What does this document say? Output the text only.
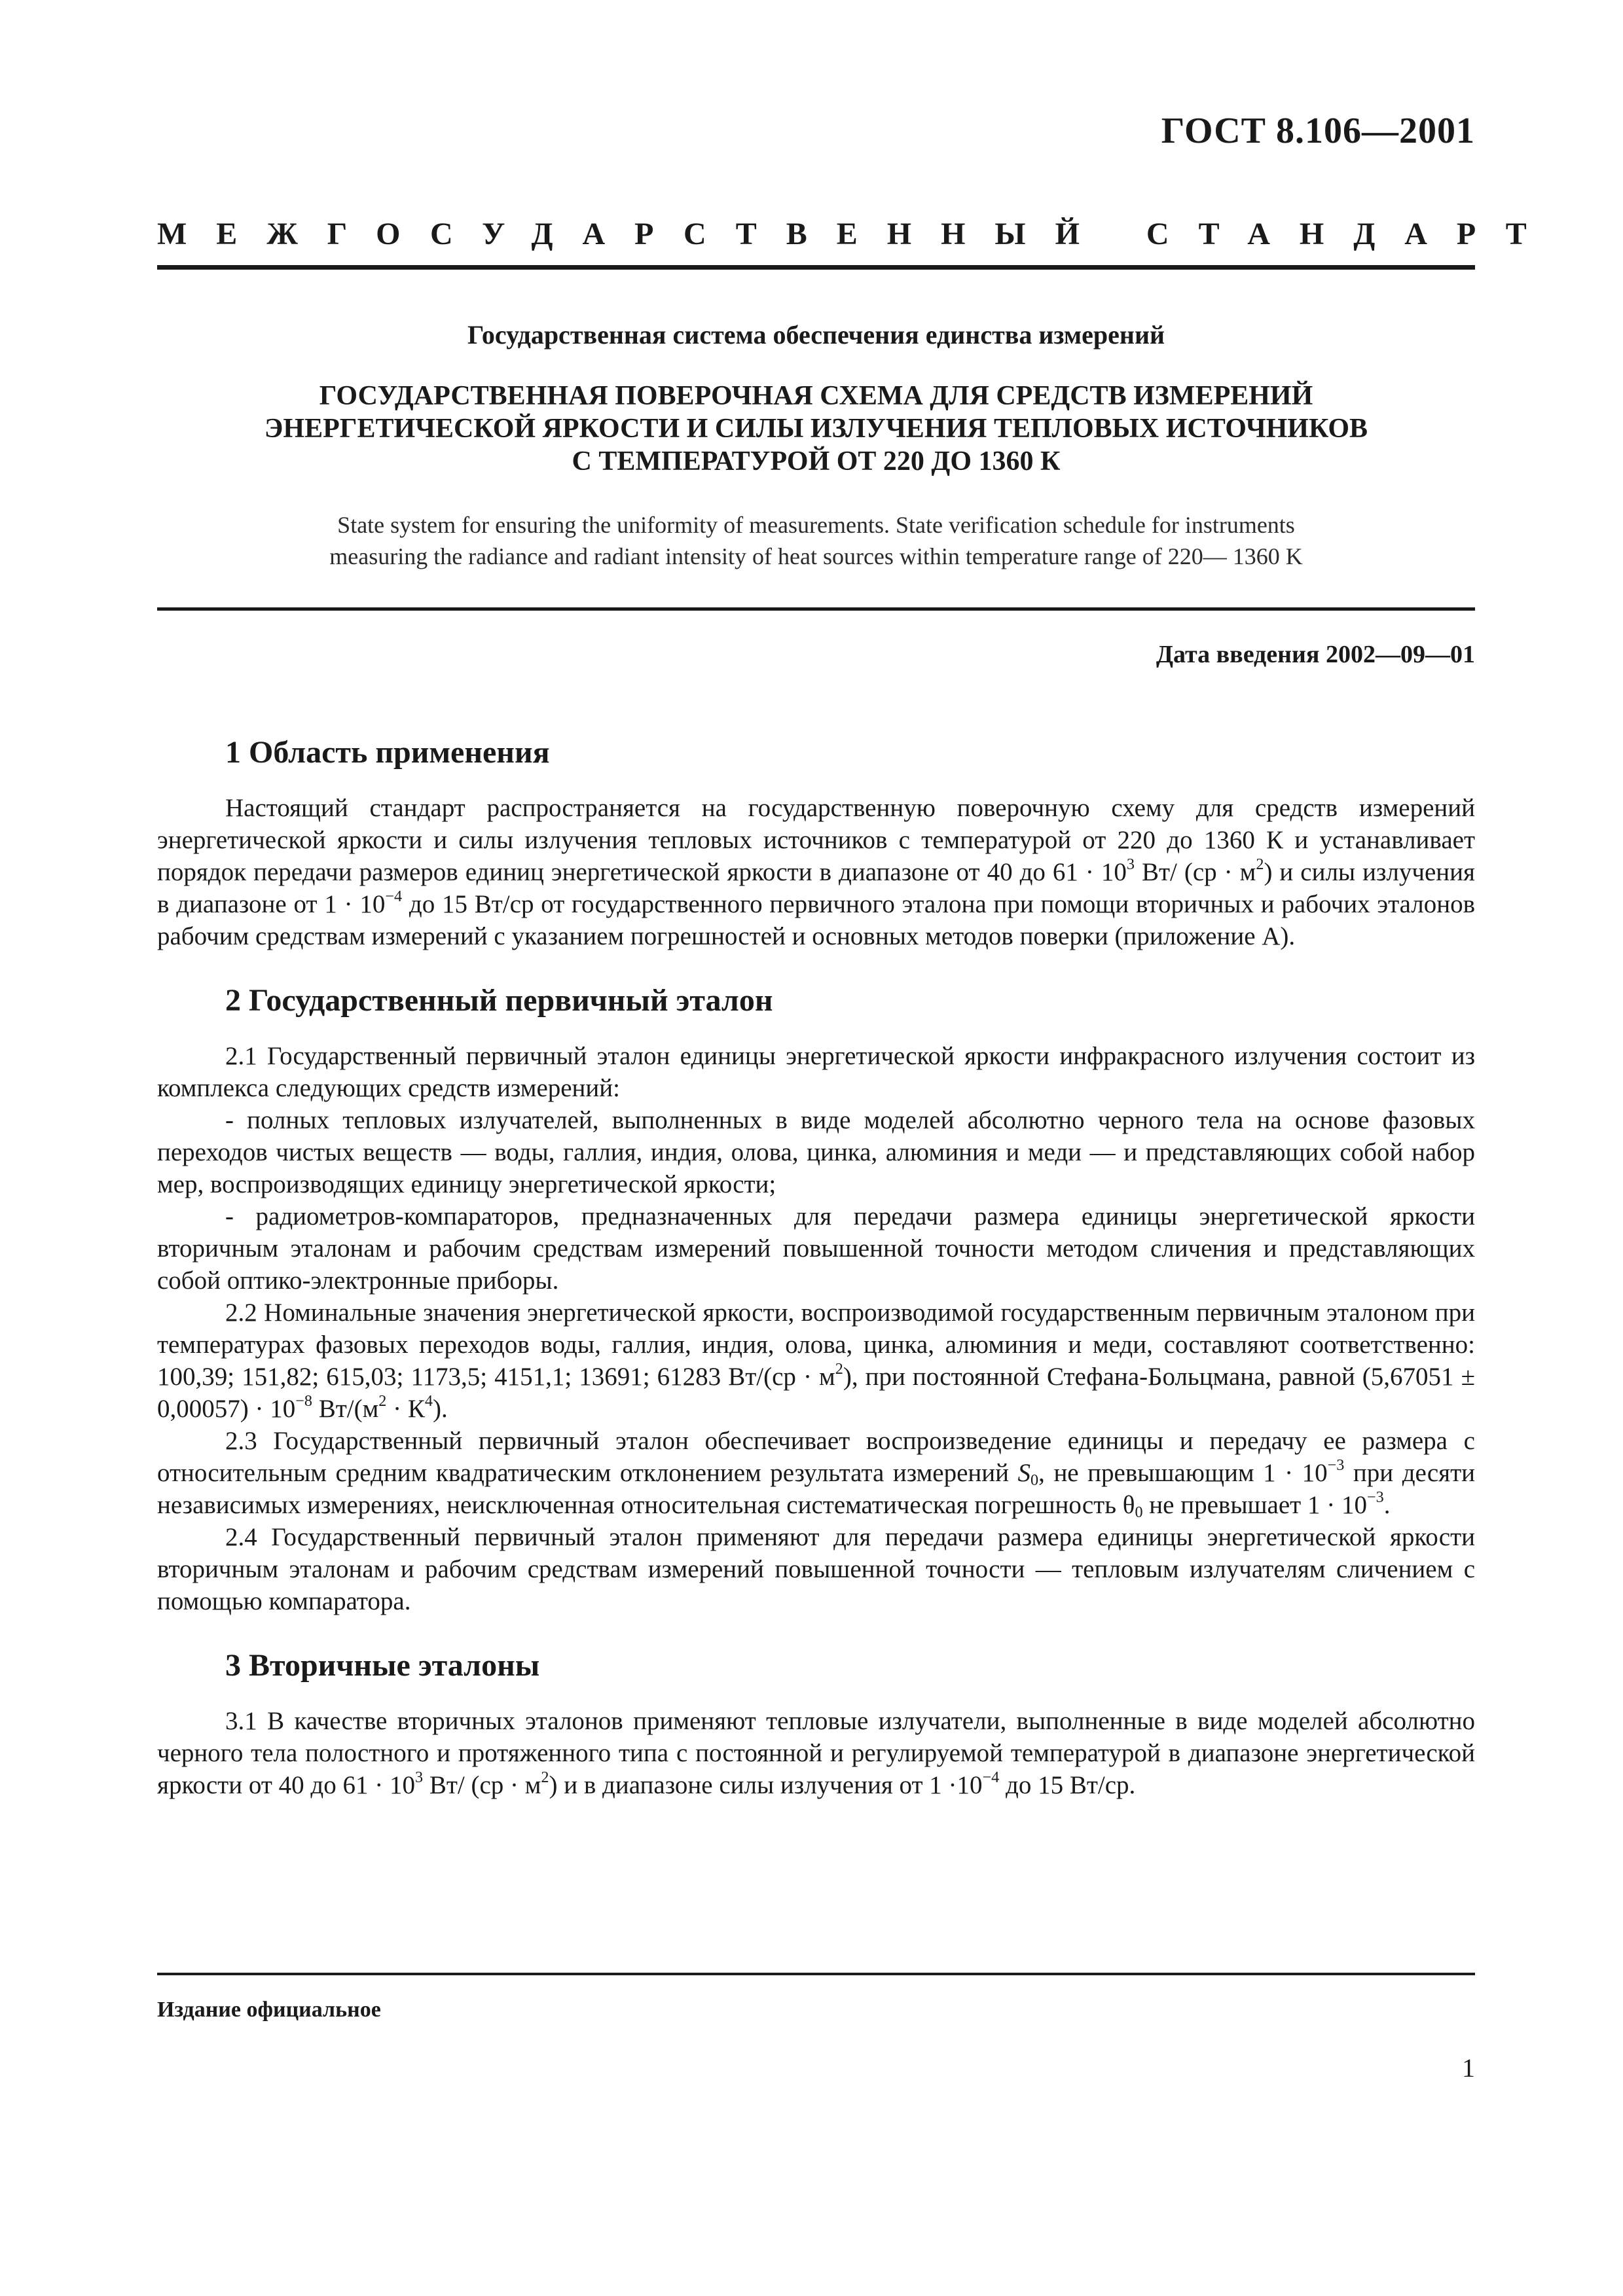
ГОСТ 8.106—2001
МЕЖГОСУДАРСТВЕННЫЙ СТАНДАРТ
Государственная система обеспечения единства измерений
ГОСУДАРСТВЕННАЯ ПОВЕРОЧНАЯ СХЕМА ДЛЯ СРЕДСТВ ИЗМЕРЕНИЙ
ЭНЕРГЕТИЧЕСКОЙ ЯРКОСТИ И СИЛЫ ИЗЛУЧЕНИЯ ТЕПЛОВЫХ ИСТОЧНИКОВ
С ТЕМПЕРАТУРОЙ ОТ 220 ДО 1360 К
State system for ensuring the uniformity of measurements. State verification schedule for instruments
measuring the radiance and radiant intensity of heat sources within temperature range of 220— 1360 K
Дата введения 2002—09—01
1 Область применения

Настоящий стандарт распространяется на государственную поверочную схему для средств измерений энергетической яркости и силы излучения тепловых источников с температурой от 220 до 1360 К и устанавливает порядок передачи размеров единиц энергетической яркости в диапазоне от 40 до $61 \cdot 10^3$ Вт/ $(ср \cdot м^2)$ и силы излучения в диапазоне от $1 \cdot 10^{-4}$ до 15 Вт/ср от государственного первичного эталона при помощи вторичных и рабочих эталонов рабочим средствам измерений с указанием погрешностей и основных методов поверки (приложение А).

2 Государственный первичный эталон

2.1 Государственный первичный эталон единицы энергетической яркости инфракрасного излучения состоит из комплекса следующих средств измерений:

- полных тепловых излучателей, выполненных в виде моделей абсолютно черного тела на основе фазовых переходов чистых веществ — воды, галлия, индия, олова, цинка, алюминия и меди — и представляющих собой набор мер, воспроизводящих единицу энергетической яркости;

- радиометров-компараторов, предназначенных для передачи размера единицы энергетической яркости вторичным эталонам и рабочим средствам измерений повышенной точности методом сличения и представляющих собой оптико-электронные приборы.

2.2 Номинальные значения энергетической яркости, воспроизводимой государственным первичным эталоном при температурах фазовых переходов воды, галлия, индия, олова, цинка, алюминия и меди, составляют соответственно: 100,39; 151,82; 615,03; 1173,5; 4151,1; 13691; 61283 $Вт/(ср \cdot м^2)$, при постоянной Стефана-Больцмана, равной $(5,67051 \pm 0,00057) \cdot 10^{-8}$ $Вт/(м^2 \cdot К^4)$.

2.3 Государственный первичный эталон обеспечивает воспроизведение единицы и передачу ее размера с относительным средним квадратическим отклонением результата измерений $S_0$, не превышающим $1 \cdot 10^{-3}$ при десяти независимых измерениях, неисключенная относительная систематическая погрешность $\theta_0$ не превышает $1 \cdot 10^{-3}$.

2.4 Государственный первичный эталон применяют для передачи размера единицы энергетической яркости вторичным эталонам и рабочим средствам измерений повышенной точности — тепловым излучателям сличением с помощью компаратора.

3 Вторичные эталоны

3.1 В качестве вторичных эталонов применяют тепловые излучатели, выполненные в виде моделей абсолютно черного тела полостного и протяженного типа с постоянной и регулируемой температурой в диапазоне энергетической яркости от 40 до $61 \cdot 10^3$ Вт/ $(ср \cdot м^2)$ и в диапазоне силы излучения от $1 \cdot 10^{-4}$ до 15 Вт/ср.

Издание официальное
1
